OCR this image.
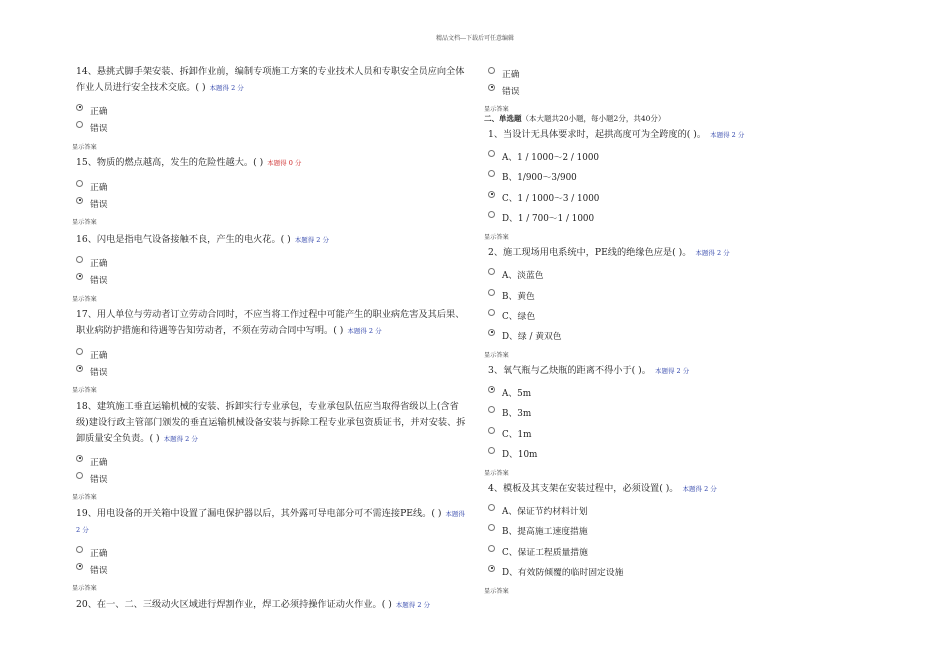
精品文档---下载后可任意编辑
14、悬挑式脚手架安装、拆卸作业前，编制专项施工方案的专业技术人员和专职安全员应向全体作业人员进行安全技术交底。( ) 本题得 2 分
正确
错误
显示答案
15、物质的燃点越高，发生的危险性越大。( ) 本题得 0 分
正确
错误
显示答案
16、闪电是指电气设备接触不良，产生的电火花。( ) 本题得 2 分
正确
错误
显示答案
17、用人单位与劳动者订立劳动合同时，不应当将工作过程中可能产生的职业病危害及其后果、职业病防护措施和待遇等告知劳动者，不须在劳动合同中写明。( ) 本题得 2 分
正确
错误
显示答案
18、建筑施工垂直运输机械的安装、拆卸实行专业承包，专业承包队伍应当取得省级以上(含省级)建设行政主管部门颁发的垂直运输机械设备安装与拆除工程专业承包资质证书，并对安装、拆卸质量安全负责。( ) 本题得 2 分
正确
错误
显示答案
19、用电设备的开关箱中设置了漏电保护器以后，其外露可导电部分可不需连接PE线。( ) 本题得 2 分
正确
错误
显示答案
20、在一、二、三级动火区域进行焊割作业，焊工必须持操作证动火作业。( ) 本题得 2 分
正确
错误
显示答案
二、单选题（本大题共20小题，每小题2分，共40分）
1、当设计无具体要求时，起拱高度可为全跨度的( )。 本题得 2 分
A、1 / 1000～2 / 1000
B、1/900～3/900
C、1 / 1000～3 / 1000
D、1 / 700～1 / 1000
显示答案
2、施工现场用电系统中，PE线的绝缘色应是( )。 本题得 2 分
A、淡蓝色
B、黄色
C、绿色
D、绿 / 黄双色
显示答案
3、氧气瓶与乙炔瓶的距离不得小于( )。 本题得 2 分
A、5m
B、3m
C、1m
D、10m
显示答案
4、模板及其支架在安装过程中，必须设置( )。 本题得 2 分
A、保证节约材料计划
B、提高施工速度措施
C、保证工程质量措施
D、有效防倾覆的临时固定设施
显示答案
